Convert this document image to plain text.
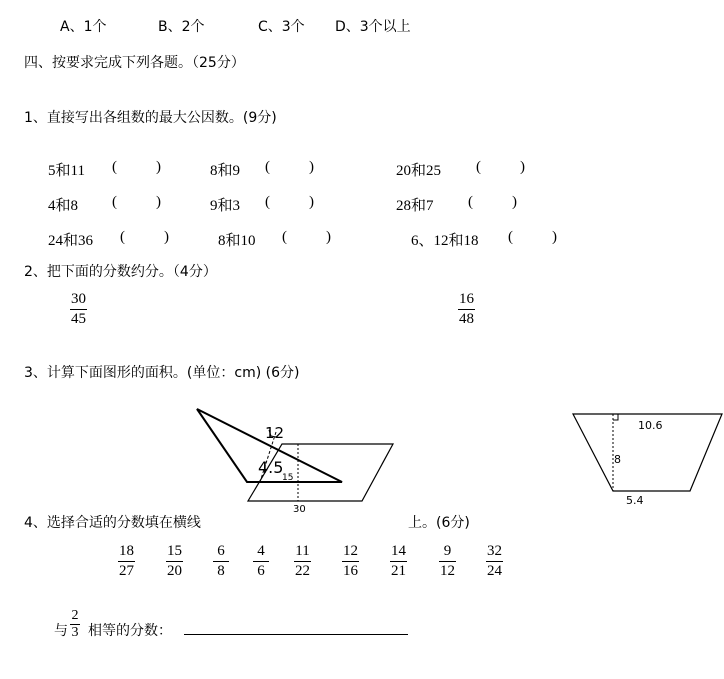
A、1个	B、2个	C、3个 D、3个以上
四、按要求完成下列各题。（25分）
1、直接写出各组数的最大公因数。(9分)
5和11 (	)	8和9 (	)	20和25 (	)
4和8 (	)	9和3 (	)	28和7 (	)
24和36 (	)	8和10 (	)	6、12和18 (	)
2、把下面的分数约分。（4分）
30
45
16
48
3、计算下面图形的面积。(单位：cm) (6分)
12
4.5
15
30
10.6
8
5.4
4、选择合适的分数填在横线	上。(6分)
18
27
15
20
6
8
4
6
11
22
12
16
14
21
9
12
32
24
与
2
3 相等的分数：
